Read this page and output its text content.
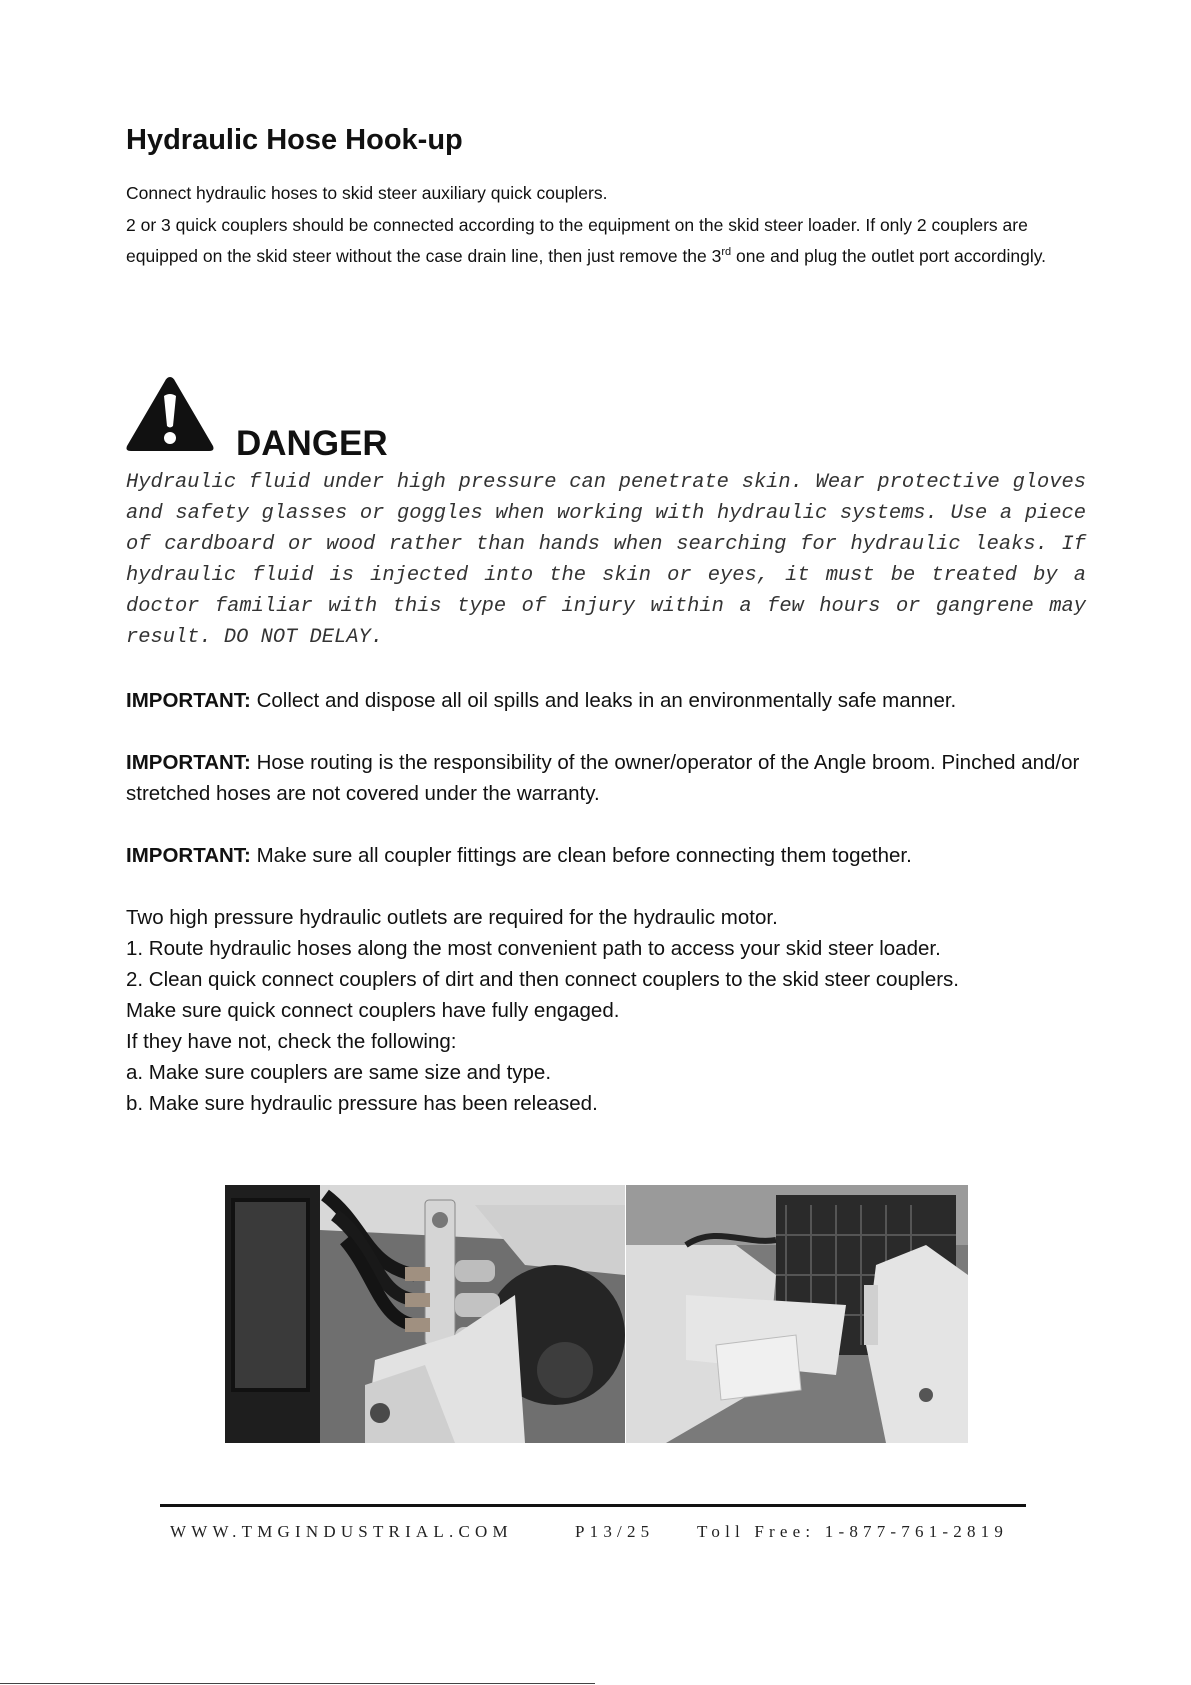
Hydraulic Hose Hook-up

Connect hydraulic hoses to skid steer auxiliary quick couplers.

2 or 3 quick couplers should be connected according to the equipment on the skid steer loader. If only 2 couplers are equipped on the skid steer without the case drain line, then just remove the 3rd one and plug the outlet port accordingly.

DANGER

Hydraulic fluid under high pressure can penetrate skin. Wear protective gloves and safety glasses or goggles when working with hydraulic systems. Use a piece of cardboard or wood rather than hands when searching for hydraulic leaks. If hydraulic fluid is injected into the skin or eyes, it must be treated by a doctor familiar with this type of injury within a few hours or gangrene may result. DO NOT DELAY.

IMPORTANT: Collect and dispose all oil spills and leaks in an environmentally safe manner.

IMPORTANT: Hose routing is the responsibility of the owner/operator of the Angle broom. Pinched and/or stretched hoses are not covered under the warranty.

IMPORTANT: Make sure all coupler fittings are clean before connecting them together.

Two high pressure hydraulic outlets are required for the hydraulic motor.

1. Route hydraulic hoses along the most convenient path to access your skid steer loader.

2. Clean quick connect couplers of dirt and then connect couplers to the skid steer couplers.

Make sure quick connect couplers have fully engaged.

If they have not, check the following:

a. Make sure couplers are same size and type.

b. Make sure hydraulic pressure has been released.

WWW.TMGINDUSTRIAL.COM	P13/25	Toll Free: 1-877-761-2819
